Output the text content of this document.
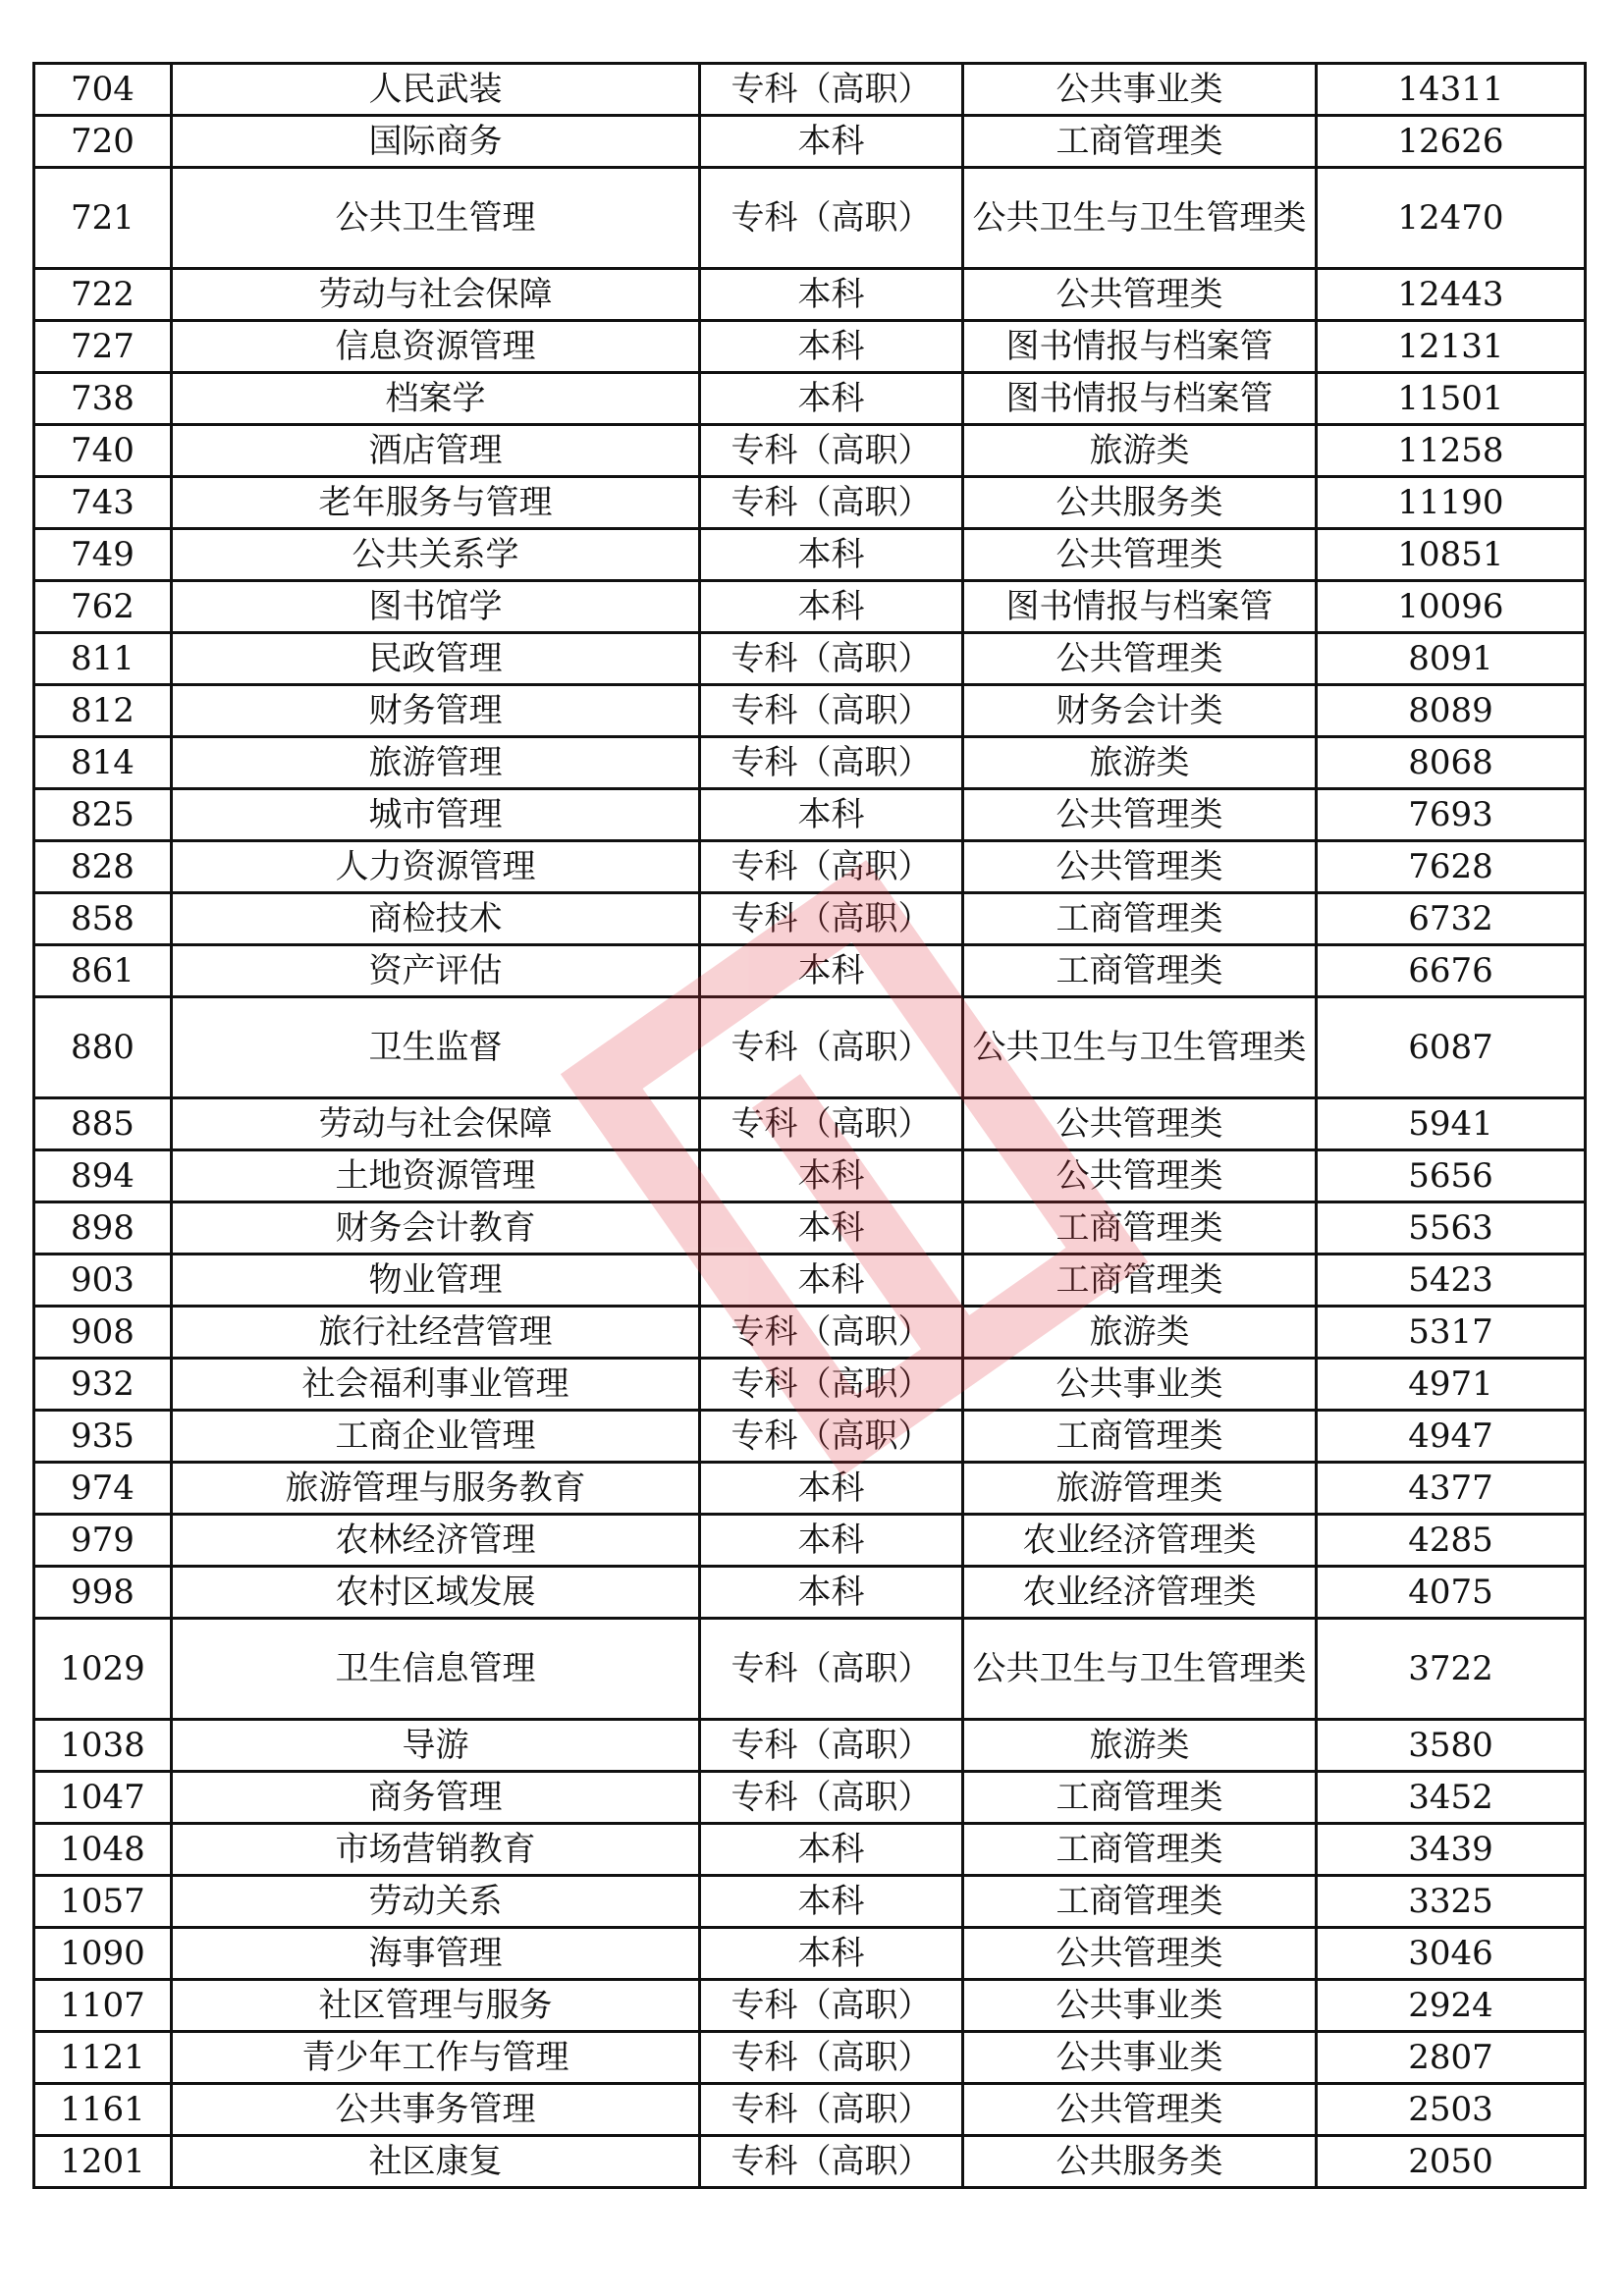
704	人民武装	专科（高职）	公共事业类	14311
720	国际商务	本科	工商管理类	12626
721	公共卫生管理	专科（高职）	公共卫生与卫生管理类	12470
722	劳动与社会保障	本科	公共管理类	12443
727	信息资源管理	本科	图书情报与档案管	12131
738	档案学	本科	图书情报与档案管	11501
740	酒店管理	专科（高职）	旅游类	11258
743	老年服务与管理	专科（高职）	公共服务类	11190
749	公共关系学	本科	公共管理类	10851
762	图书馆学	本科	图书情报与档案管	10096
811	民政管理	专科（高职）	公共管理类	8091
812	财务管理	专科（高职）	财务会计类	8089
814	旅游管理	专科（高职）	旅游类	8068
825	城市管理	本科	公共管理类	7693
828	人力资源管理	专科（高职）	公共管理类	7628
858	商检技术	专科（高职）	工商管理类	6732
861	资产评估	本科	工商管理类	6676
880	卫生监督	专科（高职）	公共卫生与卫生管理类	6087
885	劳动与社会保障	专科（高职）	公共管理类	5941
894	土地资源管理	本科	公共管理类	5656
898	财务会计教育	本科	工商管理类	5563
903	物业管理	本科	工商管理类	5423
908	旅行社经营管理	专科（高职）	旅游类	5317
932	社会福利事业管理	专科（高职）	公共事业类	4971
935	工商企业管理	专科（高职）	工商管理类	4947
974	旅游管理与服务教育	本科	旅游管理类	4377
979	农林经济管理	本科	农业经济管理类	4285
998	农村区域发展	本科	农业经济管理类	4075
1029	卫生信息管理	专科（高职）	公共卫生与卫生管理类	3722
1038	导游	专科（高职）	旅游类	3580
1047	商务管理	专科（高职）	工商管理类	3452
1048	市场营销教育	本科	工商管理类	3439
1057	劳动关系	本科	工商管理类	3325
1090	海事管理	本科	公共管理类	3046
1107	社区管理与服务	专科（高职）	公共事业类	2924
1121	青少年工作与管理	专科（高职）	公共事业类	2807
1161	公共事务管理	专科（高职）	公共管理类	2503
1201	社区康复	专科（高职）	公共服务类	2050
